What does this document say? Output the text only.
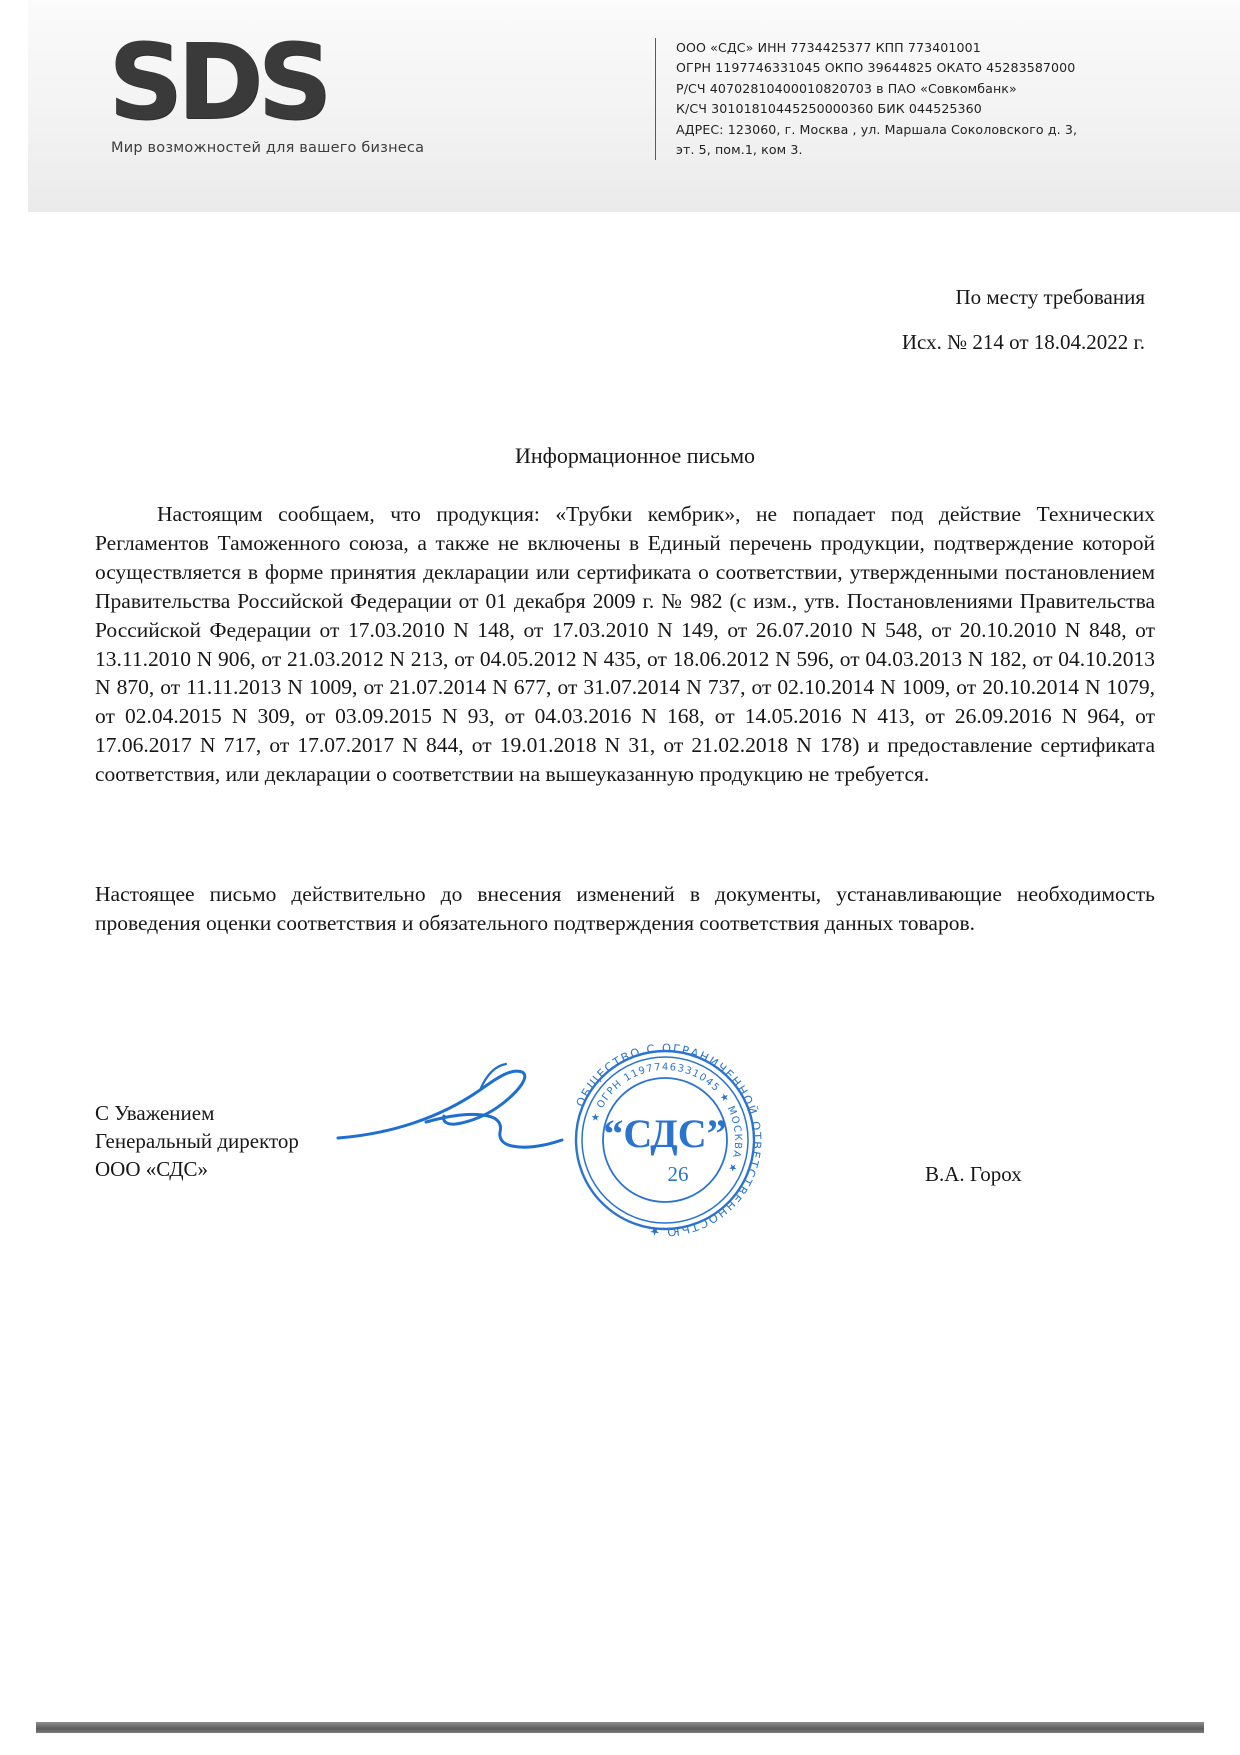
SDS
Мир возможностей для вашего бизнеса
ООО «СДС» ИНН 7734425377 КПП 773401001
ОГРН 1197746331045 ОКПО 39644825 ОКАТО 45283587000
Р/СЧ 40702810400010820703 в ПАО «Совкомбанк»
К/СЧ 30101810445250000360 БИК 044525360
АДРЕС: 123060, г. Москва , ул. Маршала Соколовского д. 3,
эт. 5, пом.1, ком 3.
По месту требования
Исх. № 214 от 18.04.2022 г.
Информационное письмо
Настоящим сообщаем, что продукция: «Трубки кембрик», не попадает под действие Технических Регламентов Таможенного союза, а также не включены в Единый перечень продукции, подтверждение которой осуществляется в форме принятия декларации или сертификата о соответствии, утвержденными постановлением Правительства Российской Федерации от 01 декабря 2009 г. № 982 (с изм., утв. Постановлениями Правительства Российской Федерации от 17.03.2010 N 148, от 17.03.2010 N 149, от 26.07.2010 N 548, от 20.10.2010 N 848, от 13.11.2010 N 906, от 21.03.2012 N 213, от 04.05.2012 N 435, от 18.06.2012 N 596, от 04.03.2013 N 182, от 04.10.2013 N 870, от 11.11.2013 N 1009, от 21.07.2014 N 677, от 31.07.2014 N 737, от 02.10.2014 N 1009, от 20.10.2014 N 1079, от 02.04.2015 N 309, от 03.09.2015 N 93, от 04.03.2016 N 168, от 14.05.2016 N 413, от 26.09.2016 N 964, от 17.06.2017 N 717, от 17.07.2017 N 844, от 19.01.2018 N 31, от 21.02.2018 N 178) и предоставление сертификата соответствия, или декларации о соответствии на вышеуказанную продукцию не требуется.
Настоящее письмо действительно до внесения изменений в документы, устанавливающие необходимость проведения оценки соответствия и обязательного подтверждения соответствия данных товаров.
С Уважением
Генеральный директор
ООО «СДС»	В.А. Горох
ОБЩЕСТВО С ОГРАНИЧЕННОЙ ОТВЕТСТВЕННОСТЬЮ ★
★ ОГРН 1197746331045 ★ МОСКВА ★
“СДС”
26
